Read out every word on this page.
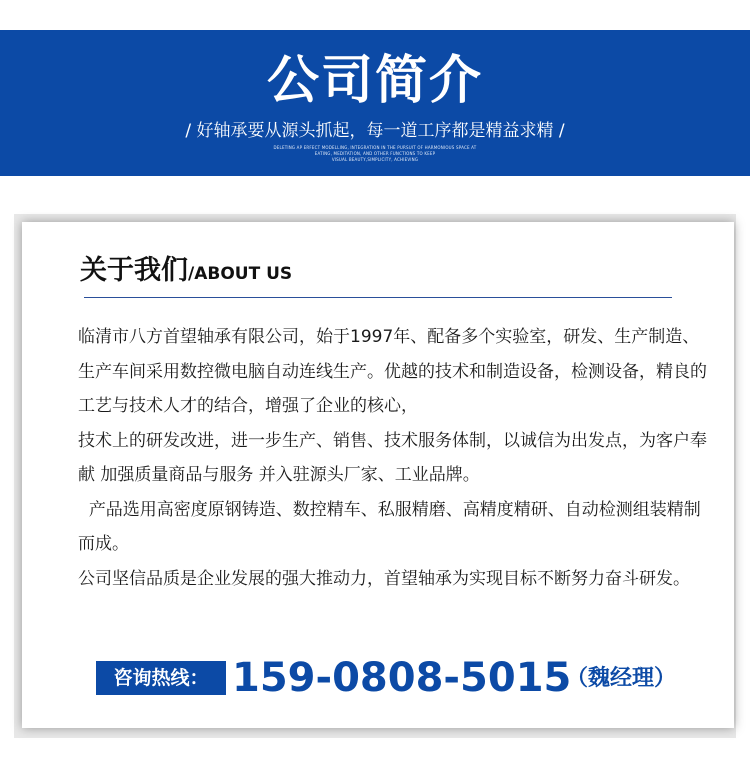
公司简介
/ 好轴承要从源头抓起，每一道工序都是精益求精 /
DELETING AP ERFECT MODELLING, INTEGRATION IN THE PURSUIT OF HARMONIOUS SPACE AT
EATING, MEDITATION, AND OTHER FUNCTIONS TO KEEP
VISUAL BEAUTY,SIMPLICITY, ACHIEVING
关于我们/ABOUT US

临清市八方首望轴承有限公司，始于1997年、配备多个实验室，研发、生产制造、生产车间采用数控微电脑自动连线生产。优越的技术和制造设备，检测设备，精良的工艺与技术人才的结合，增强了企业的核心，

技术上的研发改进，进一步生产、销售、技术服务体制，以诚信为出发点，为客户奉献 加强质量商品与服务 并入驻源头厂家、工业品牌。

产品选用高密度原钢铸造、数控精车、私服精磨、高精度精研、自动检测组装精制而成。

公司坚信品质是企业发展的强大推动力，首望轴承为实现目标不断努力奋斗研发。

咨询热线： 159-0808-5015
（魏经理）
